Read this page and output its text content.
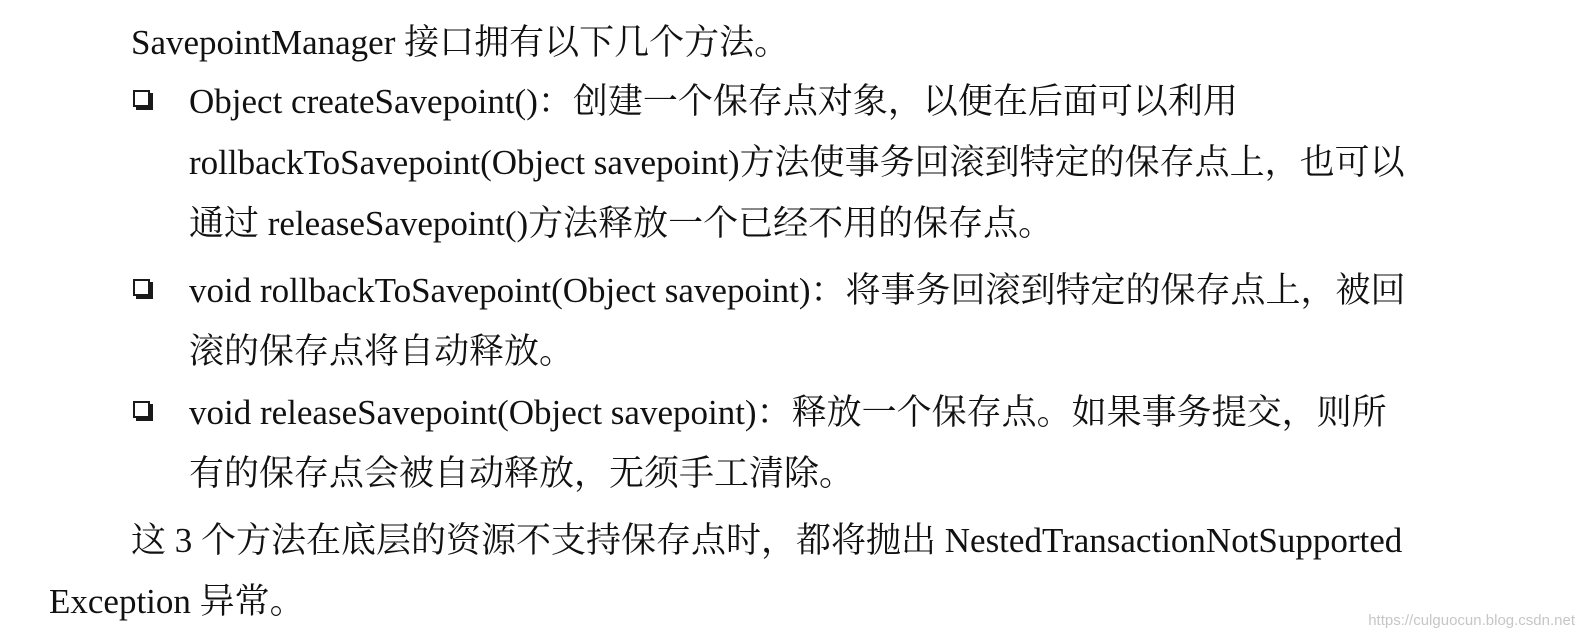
SavepointManager 接口拥有以下几个方法。
Object createSavepoint()：创建一个保存点对象，以便在后面可以利用
rollbackToSavepoint(Object savepoint)方法使事务回滚到特定的保存点上，也可以
通过 releaseSavepoint()方法释放一个已经不用的保存点。
void rollbackToSavepoint(Object savepoint)：将事务回滚到特定的保存点上，被回
滚的保存点将自动释放。
void releaseSavepoint(Object savepoint)：释放一个保存点。如果事务提交，则所
有的保存点会被自动释放，无须手工清除。
这 3 个方法在底层的资源不支持保存点时，都将抛出 NestedTransactionNotSupported
Exception 异常。	https://culguocun.blog.csdn.net
